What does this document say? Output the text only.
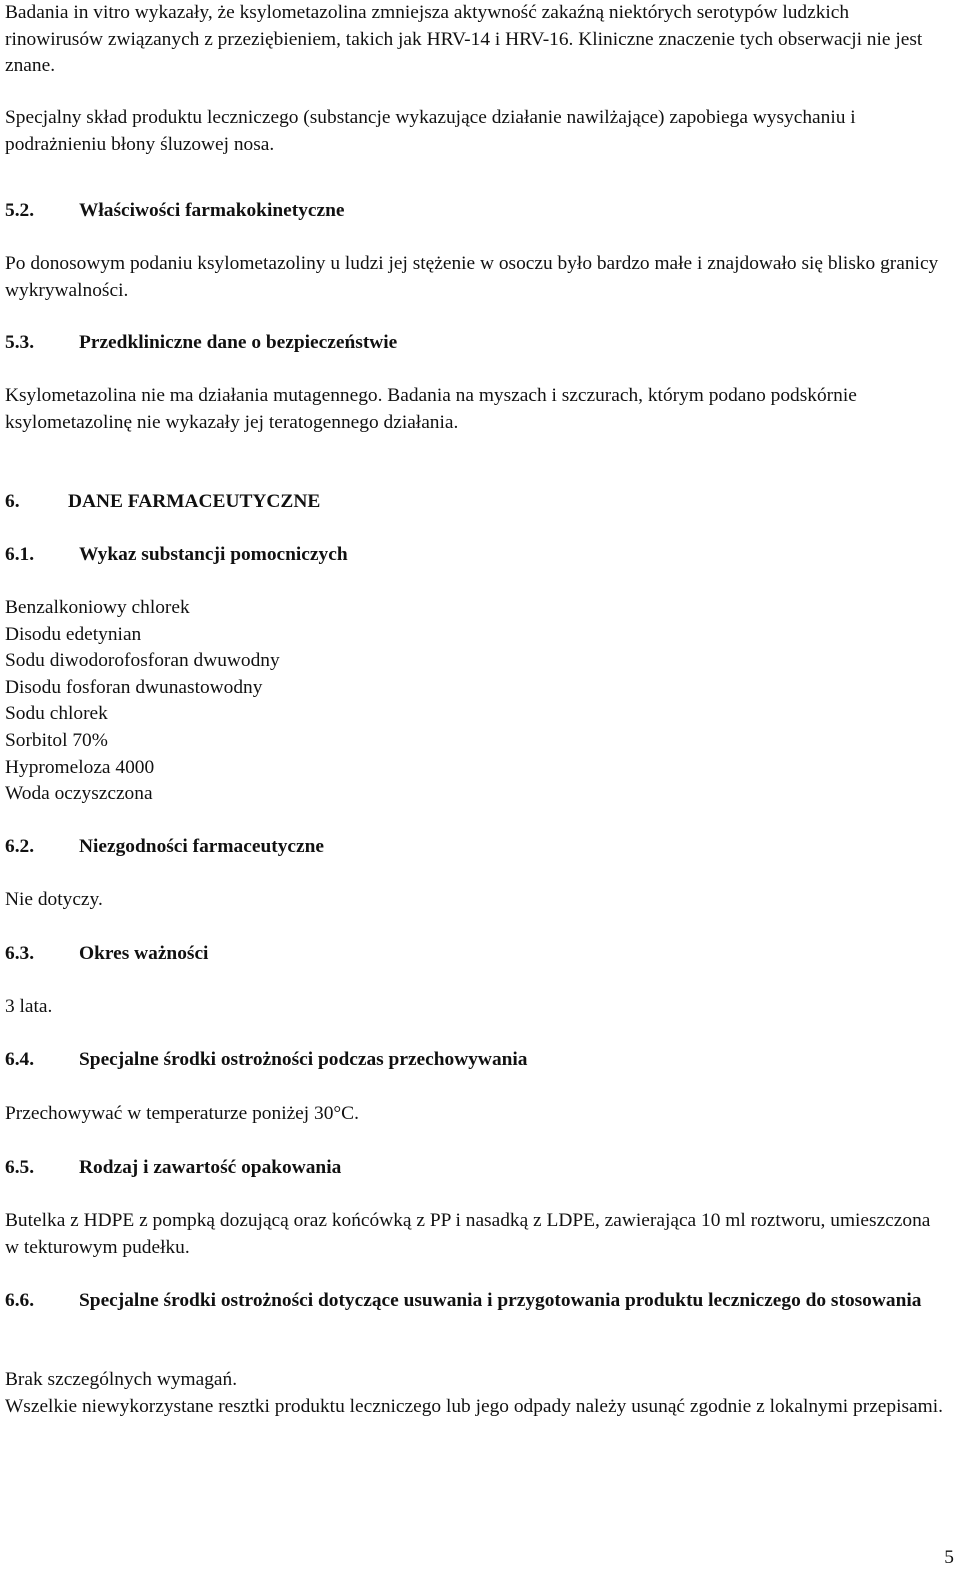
Badania in vitro wykazały, że ksylometazolina zmniejsza aktywność zakaźną niektórych serotypów ludzkich rinowirusów związanych z przeziębieniem, takich jak HRV-14 i HRV-16. Kliniczne znaczenie tych obserwacji nie jest znane.

Specjalny skład produktu leczniczego (substancje wykazujące działanie nawilżające) zapobiega wysychaniu i podrażnieniu błony śluzowej nosa.

5.2. Właściwości farmakokinetyczne

Po donosowym podaniu ksylometazoliny u ludzi jej stężenie w osoczu było bardzo małe i znajdowało się blisko granicy wykrywalności.

5.3. Przedkliniczne dane o bezpieczeństwie

Ksylometazolina nie ma działania mutagennego. Badania na myszach i szczurach, którym podano podskórnie ksylometazolinę nie wykazały jej teratogennego działania.

6. DANE FARMACEUTYCZNE
6.1. Wykaz substancji pomocniczych
Benzalkoniowy chlorek
Disodu edetynian
Sodu diwodorofosforan dwuwodny
Disodu fosforan dwunastowodny
Sodu chlorek
Sorbitol 70%
Hypromeloza 4000
Woda oczyszczona
6.2. Niezgodności farmaceutyczne

Nie dotyczy.

6.3. Okres ważności

3 lata.

6.4. Specjalne środki ostrożności podczas przechowywania

Przechowywać w temperaturze poniżej 30°C.

6.5. Rodzaj i zawartość opakowania

Butelka z HDPE z pompką dozującą oraz końcówką z PP i nasadką z LDPE, zawierająca 10 ml roztworu, umieszczona w tekturowym pudełku.

6.6. Specjalne środki ostrożności dotyczące usuwania i przygotowania produktu leczniczego do stosowania

Brak szczególnych wymagań.

Wszelkie niewykorzystane resztki produktu leczniczego lub jego odpady należy usunąć zgodnie z lokalnymi przepisami.

5
